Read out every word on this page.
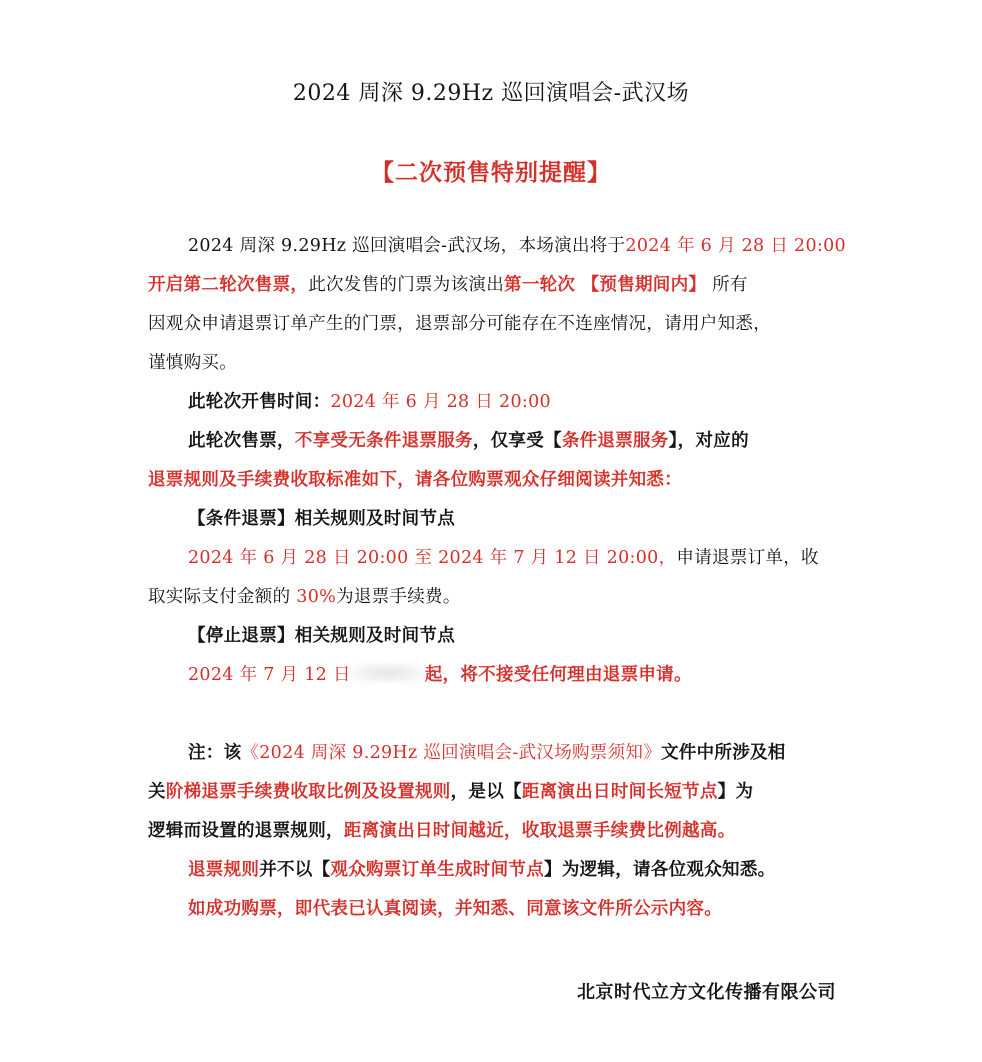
2024 周深 9.29Hz 巡回演唱会-武汉场
【二次预售特别提醒】
2024 周深 9.29Hz 巡回演唱会-武汉场，本场演出将于2024 年 6 月 28 日 20:00
开启第二轮次售票，此次发售的门票为该演出第一轮次 【预售期间内】 所有
因观众申请退票订单产生的门票，退票部分可能存在不连座情况，请用户知悉，
谨慎购买。
此轮次开售时间：2024 年 6 月 28 日 20:00
此轮次售票，不享受无条件退票服务，仅享受【条件退票服务】，对应的
退票规则及手续费收取标准如下，请各位购票观众仔细阅读并知悉：
【条件退票】相关规则及时间节点
2024 年 6 月 28 日 20:00 至 2024 年 7 月 12 日 20:00，申请退票订单，收
取实际支付金额的 30%为退票手续费。
【停止退票】相关规则及时间节点
2024 年 7 月 12 日	起，将不接受任何理由退票申请。
注：该《2024 周深 9.29Hz 巡回演唱会-武汉场购票须知》文件中所涉及相
关阶梯退票手续费收取比例及设置规则，是以【距离演出日时间长短节点】为
逻辑而设置的退票规则，距离演出日时间越近，收取退票手续费比例越高。
退票规则并不以【观众购票订单生成时间节点】为逻辑，请各位观众知悉。
如成功购票，即代表已认真阅读，并知悉、同意该文件所公示内容。
北京时代立方文化传播有限公司
